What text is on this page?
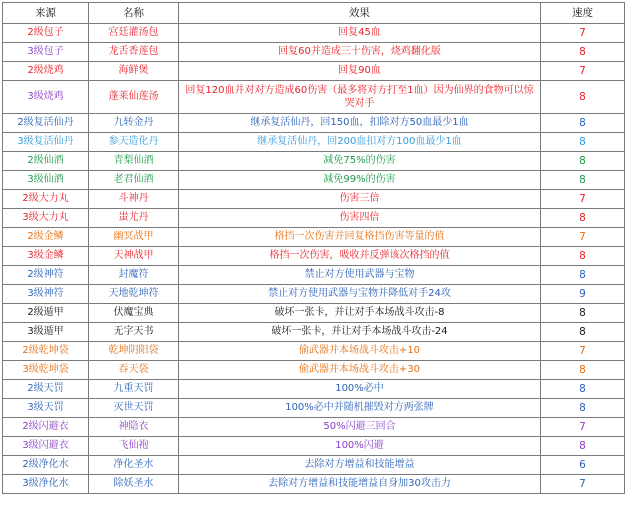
来源	名称	效果	速度
2级包子	宫廷灌汤包	回复45血	7
3级包子	龙舌香莲包	回复60并造成三十伤害，烧鸡翻化版	8
2级烧鸡	海鲜煲	回复90血	7
3级烧鸡	蓬莱仙莲汤	回复120血并对对方造成60伤害（最多将对方打至1血）因为仙界的食物可以惊哭对手	8
2级复活仙丹	九转金丹	继承复活仙丹，回150血，扣除对方50血最少1血	8
3级复活仙丹	参天造化丹	继承复活仙丹，回200血扣对方100血最少1血	8
2级仙酒	青梨仙酒	减免75%的伤害	8
3级仙酒	老君仙酒	减免99%的伤害	8
2级大力丸	斗神丹	伤害三倍	7
3级大力丸	蚩尤丹	伤害四倍	8
2级金鳞	幽冥战甲	格挡一次伤害并回复格挡伤害等量的值	7
3级金鳞	天神战甲	格挡一次伤害，吸收并反弹该次格挡的值	8
2级神符	封魔符	禁止对方使用武器与宝物	8
3级神符	天地乾坤符	禁止对方使用武器与宝物并降低对手24攻	9
2级遁甲	伏魔宝典	破坏一张卡，并让对手本场战斗攻击-8	8
3级遁甲	无字天书	破坏一张卡，并让对手本场战斗攻击-24	8
2级乾坤袋	乾坤阴阳袋	偷武器并本场战斗攻击+10	7
3级乾坤袋	吞天袋	偷武器并本场战斗攻击+30	8
2级天罚	九重天罚	100%必中	8
3级天罚	灭世天罚	100%必中并随机摧毁对方两张牌	8
2级闪避衣	神隐衣	50%闪避三回合	7
3级闪避衣	飞仙袍	100%闪避	8
2级净化水	净化圣水	去除对方增益和技能增益	6
3级净化水	除妖圣水	去除对方增益和技能增益自身加30攻击力	7
